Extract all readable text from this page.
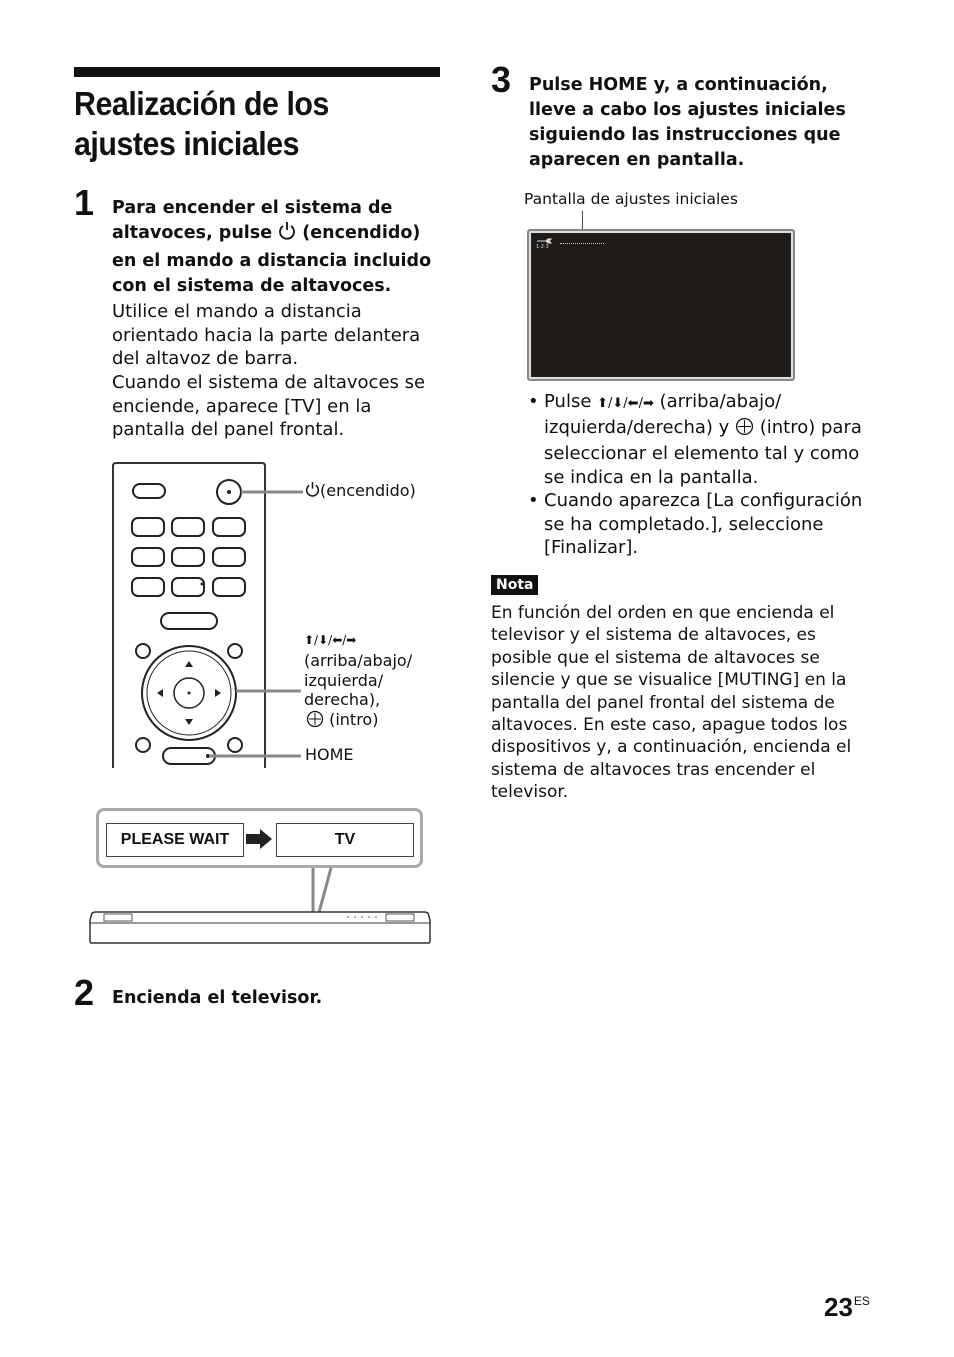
Realización de los ajustes iniciales
1 Para encender el sistema de altavoces, pulse (encendido) en el mando a distancia incluido con el sistema de altavoces.
Utilice el mando a distancia orientado hacia la parte delantera del altavoz de barra.
Cuando el sistema de altavoces se enciende, aparece [TV] en la pantalla del panel frontal.
(encendido)
⬆/⬇/⬅/➡
(arriba/abajo/ izquierda/ derecha),
(intro)
HOME
PLEASE WAIT	TV
2 Encienda el televisor.
3 Pulse HOME y, a continuación, lleve a cabo los ajustes iniciales siguiendo las instrucciones que aparecen en pantalla.
Pantalla de ajustes iniciales
1·2·3
• Pulse ⬆/⬇/⬅/➡ (arriba/abajo/ izquierda/derecha) y (intro) para seleccionar el elemento tal y como se indica en la pantalla.
• Cuando aparezca [La configuración se ha completado.], seleccione [Finalizar].
Nota
En función del orden en que encienda el televisor y el sistema de altavoces, es posible que el sistema de altavoces se silencie y que se visualice [MUTING] en la pantalla del panel frontal del sistema de altavoces. En este caso, apague todos los dispositivos y, a continuación, encienda el sistema de altavoces tras encender el televisor.
$23^{ES}$
